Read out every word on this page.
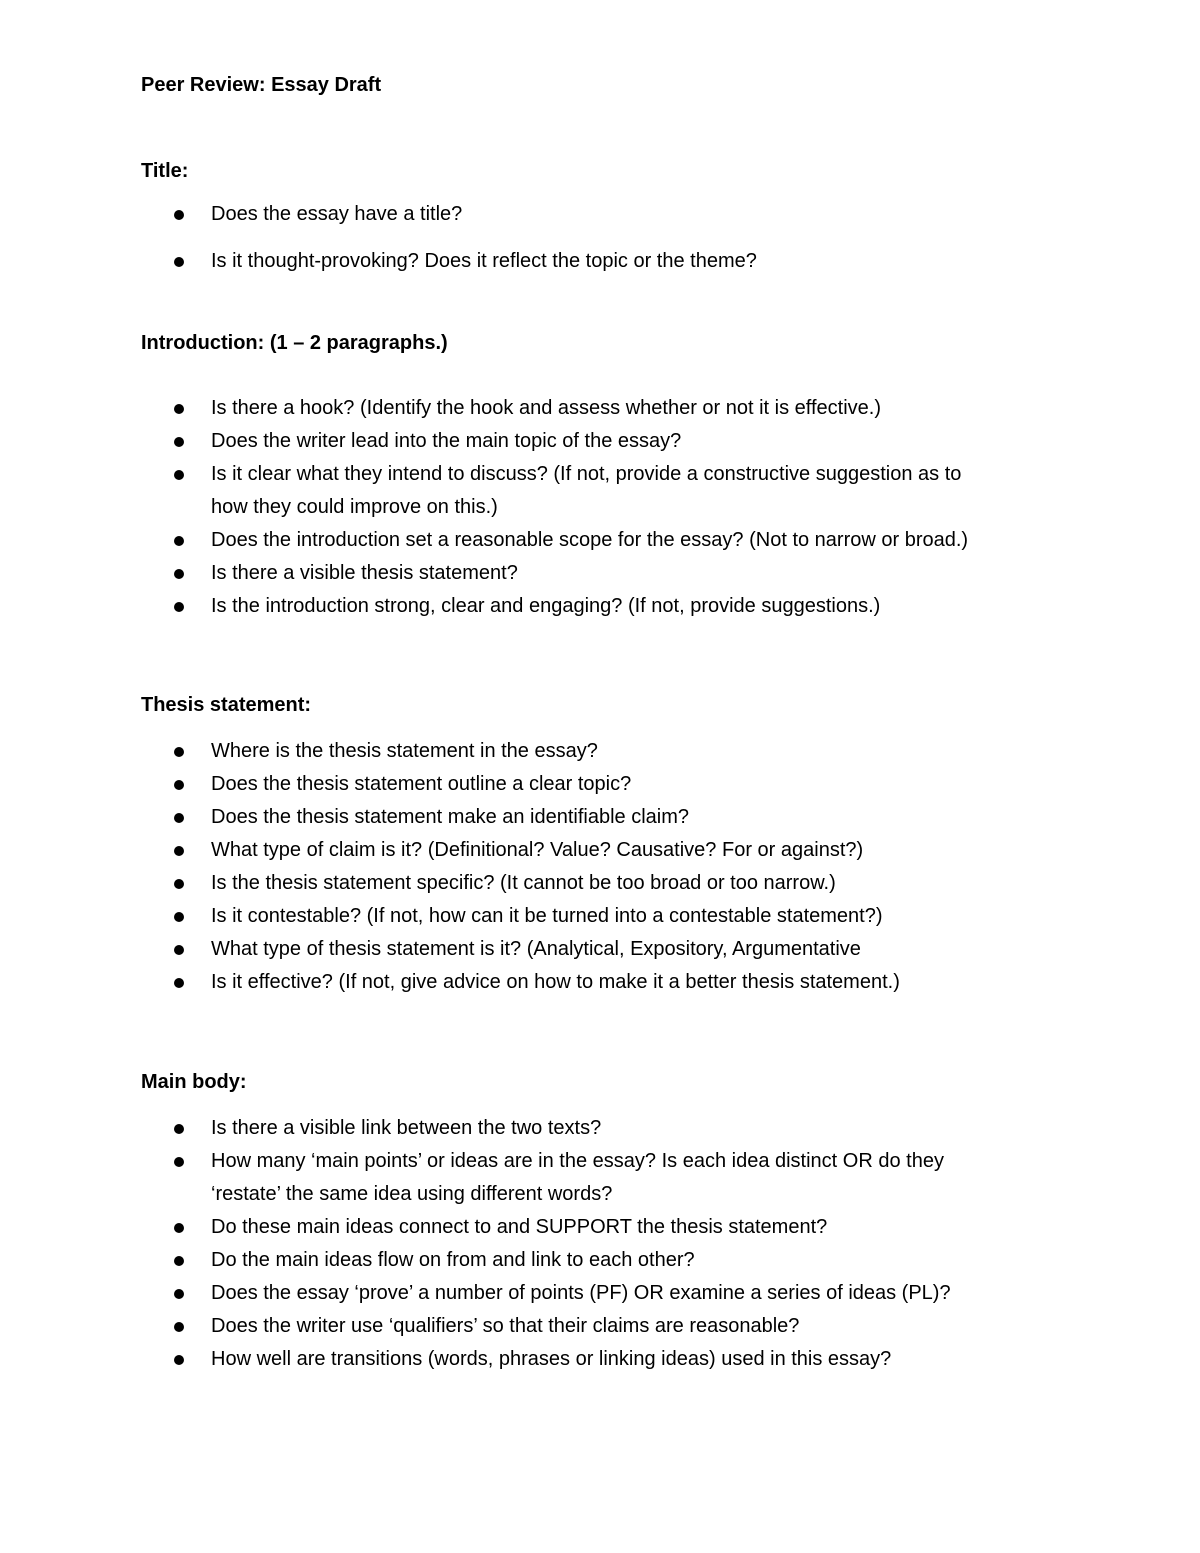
Peer Review: Essay Draft
Title:
Does the essay have a title?
Is it thought-provoking? Does it reflect the topic or the theme?
Introduction: (1 – 2 paragraphs.)
Is there a hook? (Identify the hook and assess whether or not it is effective.)
Does the writer lead into the main topic of the essay?
Is it clear what they intend to discuss? (If not, provide a constructive suggestion as to
how they could improve on this.)
Does the introduction set a reasonable scope for the essay? (Not to narrow or broad.)
Is there a visible thesis statement?
Is the introduction strong, clear and engaging? (If not, provide suggestions.)
Thesis statement:
Where is the thesis statement in the essay?
Does the thesis statement outline a clear topic?
Does the thesis statement make an identifiable claim?
What type of claim is it? (Definitional? Value? Causative? For or against?)
Is the thesis statement specific? (It cannot be too broad or too narrow.)
Is it contestable? (If not, how can it be turned into a contestable statement?)
What type of thesis statement is it? (Analytical, Expository, Argumentative
Is it effective? (If not, give advice on how to make it a better thesis statement.)
Main body:
Is there a visible link between the two texts?
How many ‘main points’ or ideas are in the essay? Is each idea distinct OR do they
‘restate’ the same idea using different words?
Do these main ideas connect to and SUPPORT the thesis statement?
Do the main ideas flow on from and link to each other?
Does the essay ‘prove’ a number of points (PF) OR examine a series of ideas (PL)?
Does the writer use ‘qualifiers’ so that their claims are reasonable?
How well are transitions (words, phrases or linking ideas) used in this essay?
